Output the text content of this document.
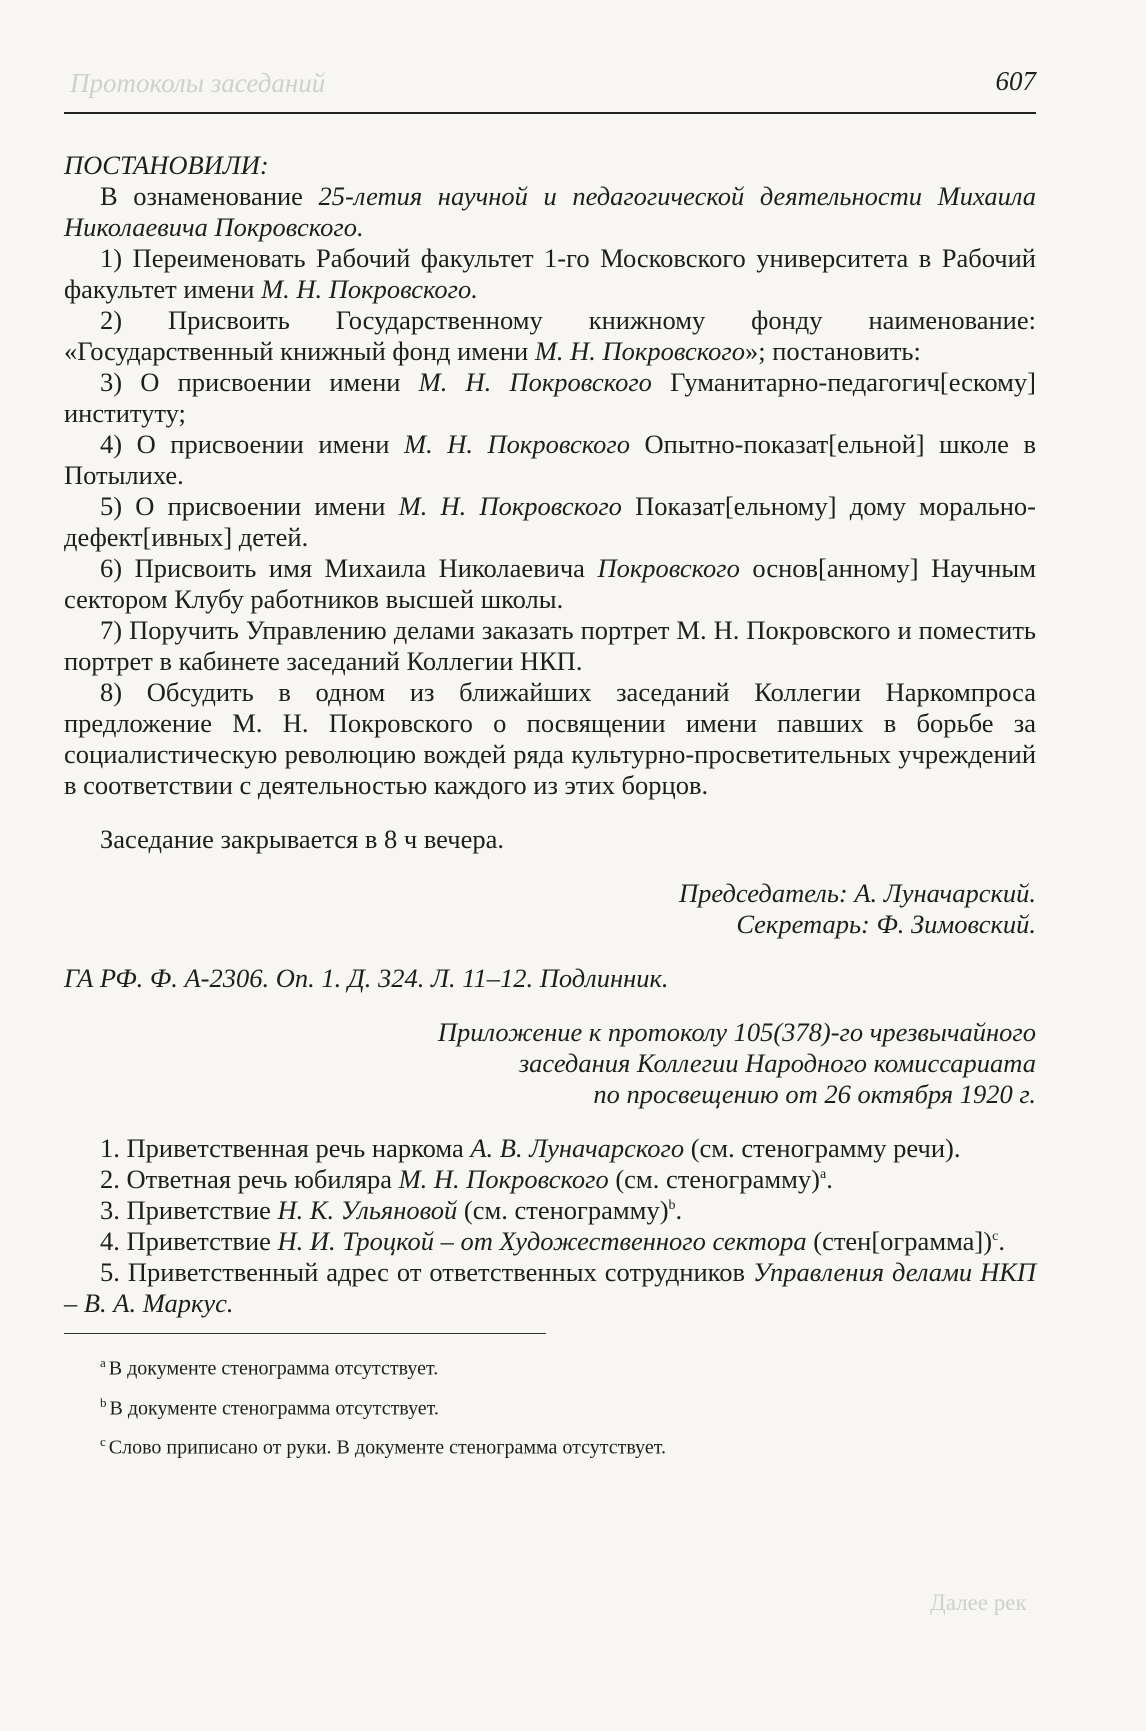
Протоколы заседаний	607

ПОСТАНОВИЛИ:

В ознаменование 25-летия научной и педагогической деятельности Михаила Николаевича Покровского.

1) Переименовать Рабочий факультет 1-го Московского университета в Рабочий факультет имени М. Н. Покровского.

2) Присвоить Государственному книжному фонду наименование: «Государственный книжный фонд имени М. Н. Покровского»; постановить:

3) О присвоении имени М. Н. Покровского Гуманитарно-педагогич[ескому] институту;

4) О присвоении имени М. Н. Покровского Опытно-показат[ельной] школе в Потылихе.

5) О присвоении имени М. Н. Покровского Показат[ельному] дому морально-дефект[ивных] детей.

6) Присвоить имя Михаила Николаевича Покровского основ[анному] Научным сектором Клубу работников высшей школы.

7) Поручить Управлению делами заказать портрет М. Н. Покровского и поместить портрет в кабинете заседаний Коллегии НКП.

8) Обсудить в одном из ближайших заседаний Коллегии Наркомпроса предложение М. Н. Покровского о посвящении имени павших в борьбе за социалистическую революцию вождей ряда культурно-просветительных учреждений в соответствии с деятельностью каждого из этих борцов.

Заседание закрывается в 8 ч вечера.

Председатель: А. Луначарский.

Секретарь: Ф. Зимовский.

ГА РФ. Ф. А-2306. Оп. 1. Д. 324. Л. 11–12. Подлинник.

Приложение к протоколу 105(378)-го чрезвычайного

заседания Коллегии Народного комиссариата

по просвещению от 26 октября 1920 г.

1. Приветственная речь наркома А. В. Луначарского (см. стенограмму речи).

2. Ответная речь юбиляра М. Н. Покровского (см. стенограмму)$^a$.

3. Приветствие Н. К. Ульяновой (см. стенограмму)$^b$.

4. Приветствие Н. И. Троцкой – от Художественного сектора (стен[ограмма])$^c$.

5. Приветственный адрес от ответственных сотрудников Управления делами НКП – В. А. Маркус.

$^a$ В документе стенограмма отсутствует.

$^b$ В документе стенограмма отсутствует.

$^c$ Слово приписано от руки. В документе стенограмма отсутствует.

Далее рек
